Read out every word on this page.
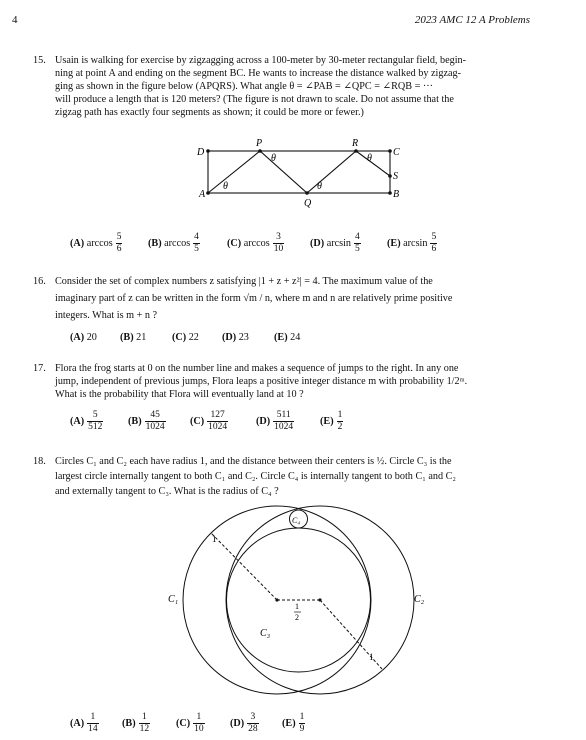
4	2023 AMC 12 A Problems
15. Usain is walking for exercise by zigzagging across a 100-meter by 30-meter rectangular field, begin-
ning at point A and ending on the segment BC. He wants to increase the distance walked by zigzag-
ging as shown in the figure below (APQRS). What angle θ = ∠PAB = ∠QPC = ∠RQB = ···
will produce a length that is 120 meters? (The figure is not drawn to scale. Do not assume that the
zigzag path has exactly four segments as shown; it could be more or fewer.)
D
P	R
C
S
A
Q
B
θ
θ
θ
θ
(A) $\arccos \frac{5}{6}$	(B) $\arccos \frac{4}{5}$	(C) $\arccos \frac{3}{10}$	(D) $\arcsin \frac{4}{5}$	(E) $\arcsin \frac{5}{6}$
16. Consider the set of complex numbers z satisfying |1 + z + z²| = 4. The maximum value of the
imaginary part of z can be written in the form √m / n, where m and n are relatively prime positive
integers. What is m + n ?
(A) 20 (B) 21	(C) 22 (D) 23 (E) 24
17. Flora the frog starts at 0 on the number line and makes a sequence of jumps to the right. In any one
jump, independent of previous jumps, Flora leaps a positive integer distance m with probability 1/2ᵐ.
What is the probability that Flora will eventually land at 10 ?
$(A) \frac{5}{512} (B) \frac{45}{1024} (C) \frac{127}{1024}$	$(D) \frac{511}{1024}$	$(E) \frac{1}{2}$
18. Circles C₁ and C₂ each have radius 1, and the distance between their centers is ½. Circle C₃ is the
largest circle internally tangent to both C₁ and C₂. Circle C₄ is internally tangent to both C₁ and C₂
and externally tangent to C₃. What is the radius of C₄ ?
C₁	C₂
C₃
C₄
1
1
1
2
$(A) \frac{1}{14} (B) \frac{1}{12}$	$(C) \frac{1}{10} (D) \frac{3}{28} (E) \frac{1}{9}$
